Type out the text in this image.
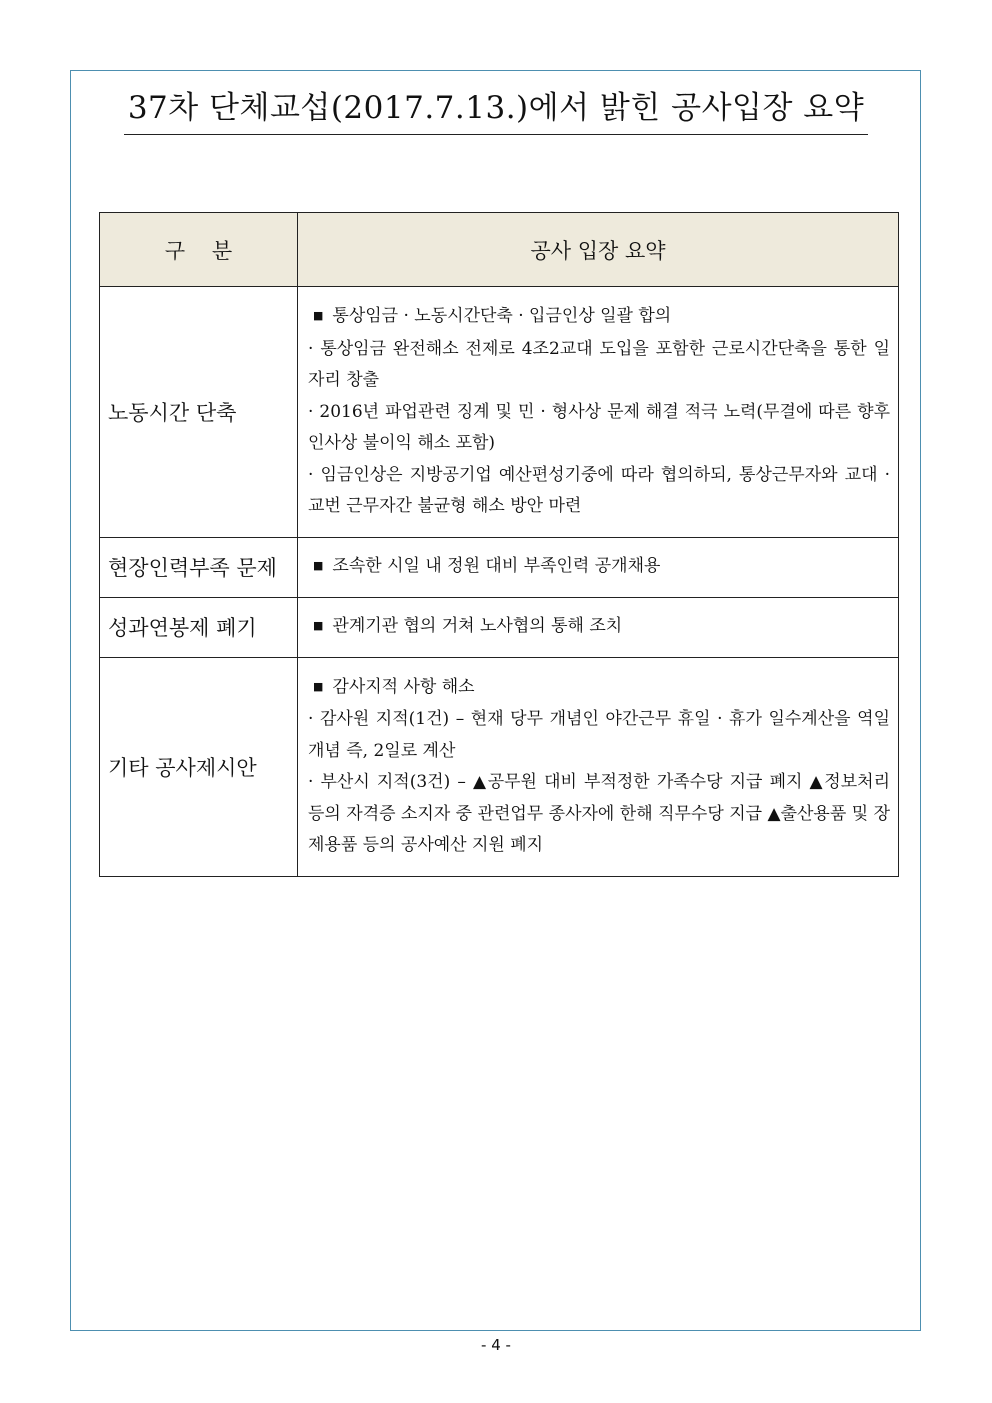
37차 단체교섭(2017.7.13.)에서 밝힌 공사입장 요약
구    분	공사 입장 요약
노동시간 단축	■ 통상임금 · 노동시간단축 · 입금인상 일괄 합의
· 통상임금 완전해소 전제로 4조2교대 도입을 포함한 근로시간단축을 통한 일자리 창출
· 2016년 파업관련 징계 및 민 · 형사상 문제 해결 적극 노력(무결에 따른 향후 인사상 불이익 해소 포함)
· 임금인상은 지방공기업 예산편성기중에 따라 협의하되, 통상근무자와 교대 · 교번 근무자간 불균형 해소 방안 마련

현장인력부족 문제	■ 조속한 시일 내 정원 대비 부족인력 공개채용

성과연봉제 폐기	■ 관계기관 협의 거쳐 노사협의 통해 조치

기타 공사제시안	■ 감사지적 사항 해소
· 감사원 지적(1건) – 현재 당무 개념인 야간근무 휴일 · 휴가 일수계산을 역일 개념 즉, 2일로 계산
· 부산시 지적(3건) – ▲공무원 대비 부적정한 가족수당 지급 폐지 ▲정보처리 등의 자격증 소지자 중 관련업무 종사자에 한해 직무수당 지급 ▲출산용품 및 장제용품 등의 공사예산 지원 폐지
- 4 -
